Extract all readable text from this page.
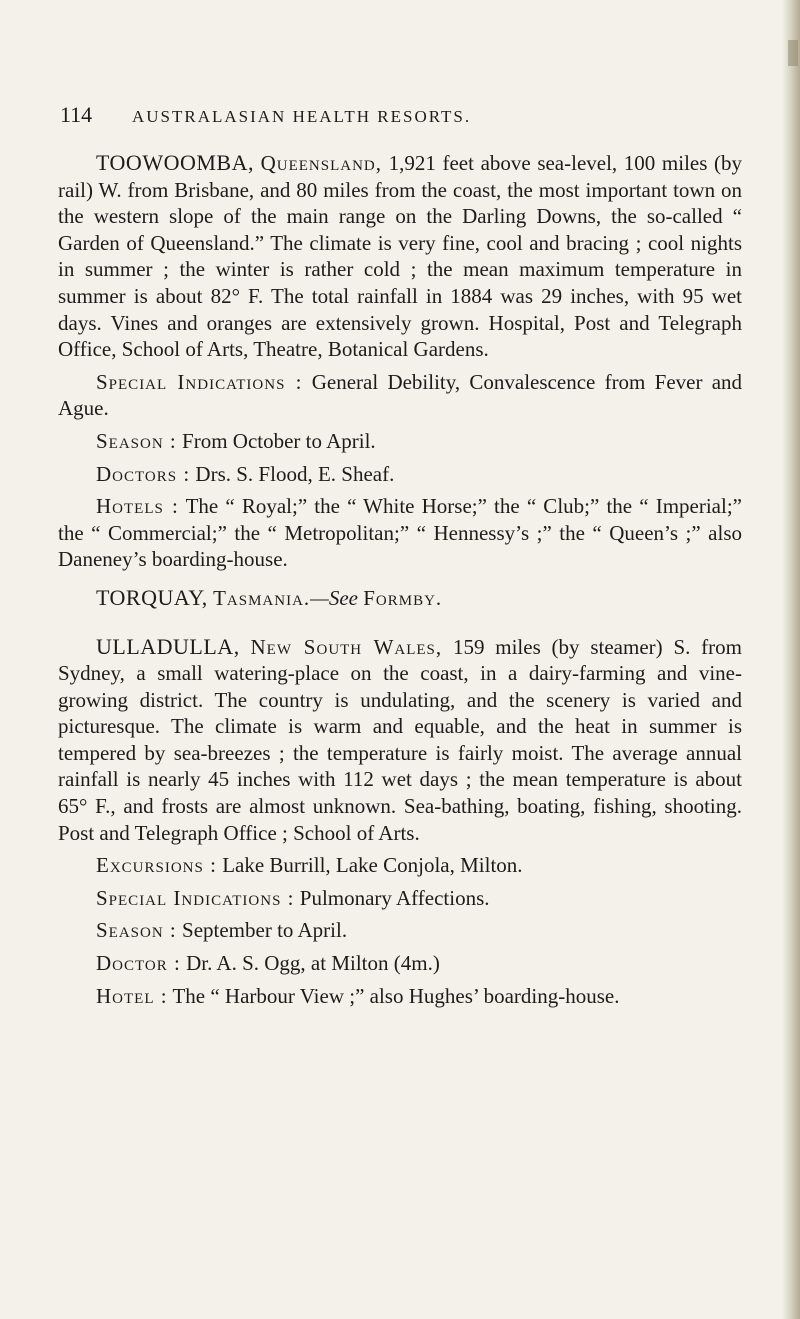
114	AUSTRALASIAN HEALTH RESORTS.

TOOWOOMBA, Queensland, 1,921 feet above sea-level, 100 miles (by rail) W. from Brisbane, and 80 miles from the coast, the most important town on the western slope of the main range on the Darling Downs, the so-called “ Garden of Queensland.” The climate is very fine, cool and bracing ; cool nights in summer ; the winter is rather cold ; the mean maximum temperature in summer is about 82° F. The total rainfall in 1884 was 29 inches, with 95 wet days. Vines and oranges are extensively grown. Hospital, Post and Telegraph Office, School of Arts, Theatre, Botanical Gardens.

Special Indications : General Debility, Convalescence from Fever and Ague.

Season : From October to April.

Doctors : Drs. S. Flood, E. Sheaf.

Hotels : The “ Royal;” the “ White Horse;” the “ Club;” the “ Imperial;” the “ Commercial;” the “ Metropolitan;” “ Hennessy’s ;” the “ Queen’s ;” also Daneney’s boarding-house.

TORQUAY, Tasmania.—See Formby.

ULLADULLA, New South Wales, 159 miles (by steamer) S. from Sydney, a small watering-place on the coast, in a dairy-farming and vine-growing district. The country is undulating, and the scenery is varied and picturesque. The climate is warm and equable, and the heat in summer is tempered by sea-breezes ; the temperature is fairly moist. The average annual rainfall is nearly 45 inches with 112 wet days ; the mean temperature is about 65° F., and frosts are almost unknown. Sea-bathing, boating, fishing, shooting. Post and Telegraph Office ; School of Arts.

Excursions : Lake Burrill, Lake Conjola, Milton.

Special Indications : Pulmonary Affections.

Season : September to April.

Doctor : Dr. A. S. Ogg, at Milton (4m.)

Hotel : The “ Harbour View ;” also Hughes’ boarding-house.
